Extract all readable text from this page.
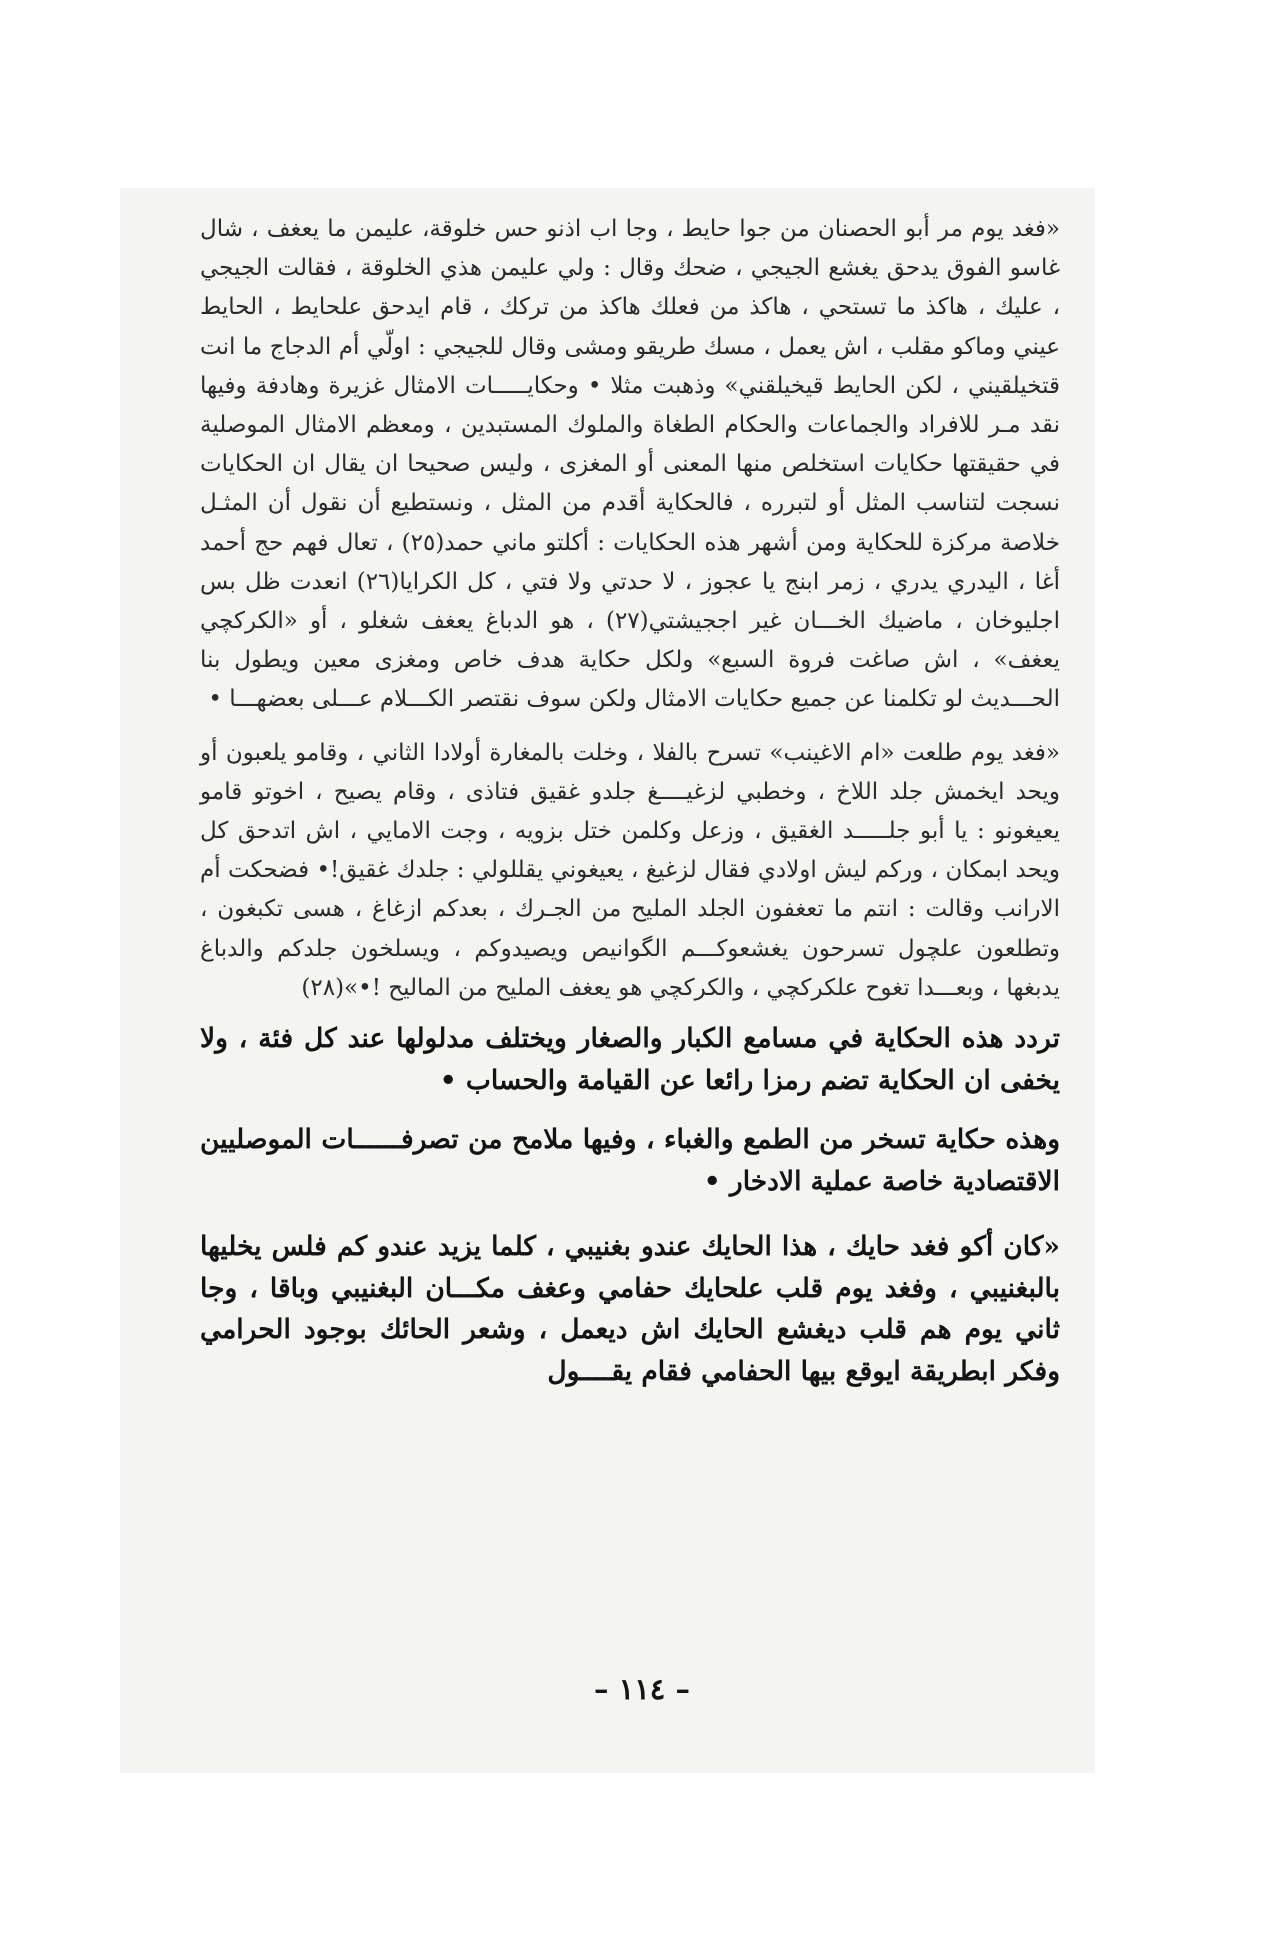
«فغد يوم مر أبو الحصنان من جوا حايط ، وجا اب اذنو حس خلوقة، عليمن ما يعغف ، شال غاسو الفوق يدحق يغشع الجيجي ، ضحك وقال : ولي عليمن هذي الخلوقة ، فقالت الجيجي ، عليك ، هاكذ ما تستحي ، هاكذ من فعلك هاكذ من تركك ، قام ايدحق علحايط ، الحايط عيني وماكو مقلب ، اش يعمل ، مسك طريقو ومشى وقال للجيجي : اولّي أم الدجاج ما انت قتخيلقيني ، لكن الحايط قيخيلقني» وذهبت مثلا • وحكايـــــات الامثال غزيرة وهادفة وفيها نقد مـر للافراد والجماعات والحكام الطغاة والملوك المستبدين ، ومعظم الامثال الموصلية في حقيقتها حكايات استخلص منها المعنى أو المغزى ، وليس صحيحا ان يقال ان الحكايات نسجت لتناسب المثل أو لتبرره ، فالحكاية أقدم من المثل ، ونستطيع أن نقول أن المثـل خلاصة مركزة للحكاية ومن أشهر هذه الحكايات : أكلتو ماني حمد(٢٥) ، تعال فهم حج أحمد أغا ، اليدري يدري ، زمر ابنج يا عجوز ، لا حدتي ولا فتي ، كل الكرايا(٢٦) انعدت ظل بس اجليوخان ، ماضيك الخـــان غير اججيشتي(٢٧) ، هو الدباغ يعغف شغلو ، أو «الكركچي يعغف» ، اش صاغت فروة السبع» ولكل حكاية هدف خاص ومغزى معين ويطول بنا الحـــديث لو تكلمنا عن جميع حكايات الامثال ولكن سوف نقتصر الكـــلام عـــلى بعضهـــا •

«فغد يوم طلعت «ام الاغينب» تسرح بالفلا ، وخلت بالمغارة أولادا الثاني ، وقامو يلعبون أو ويحد ايخمش جلد اللاخ ، وخطبي لزغيــــغ جلدو غقيق فتاذى ، وقام يصيح ، اخوتو قامو يعيغونو : يا أبو جلـــــد الغقيق ، وزعل وكلمن ختل بزويه ، وجت الامايي ، اش اتدحق كل ويحد ابمكان ، وركم ليش اولادي فقال لزغيغ ، يعيغوني يقللولي : جلدك غقيق!• فضحكت أم الارانب وقالت : انتم ما تعغفون الجلد المليح من الجـرك ، بعدكم ازغاغ ، هسى تكبغون ، وتطلعون علچول تسرحون يغشعوكـــم الگوانيص ويصيدوكم ، ويسلخون جلدكم والدباغ يدبغها ، وبعـــدا تغوح علكركچي ، والكركچي هو يعغف المليح من الماليح !•»(٢٨)

تردد هذه الحكاية في مسامع الكبار والصغار ويختلف مدلولها عند كل فئة ، ولا يخفى ان الحكاية تضم رمزا رائعا عن القيامة والحساب •

وهذه حكاية تسخر من الطمع والغباء ، وفيها ملامح من تصرفــــــات الموصليين الاقتصادية خاصة عملية الادخار •

«كان أكو فغد حايك ، هذا الحايك عندو بغنيبي ، كلما يزيد عندو كم فلس يخليها بالبغنيبي ، وفغد يوم قلب علحايك حفامي وعغف مكـــان البغنيبي وباقا ، وجا ثاني يوم هم قلب ديغشع الحايك اش ديعمل ، وشعر الحائك بوجود الحرامي وفكر ابطريقة ايوقع بيها الحفامي فقام يقــــول

– ١١٤ –
